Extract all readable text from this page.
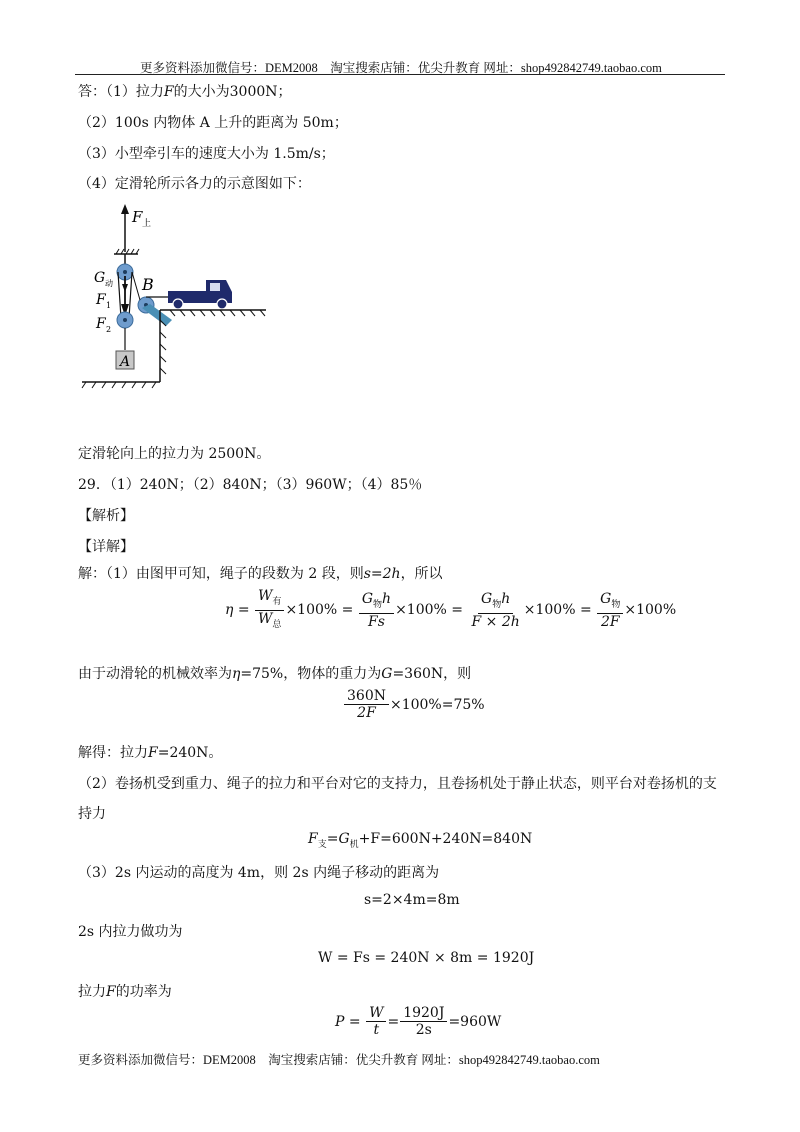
更多资料添加微信号：DEM2008　淘宝搜索店铺：优尖升教育 网址：shop492842749.taobao.com
答：（1）拉力F的大小为3000N；
（2）100s 内物体 A 上升的距离为 50m；
（3）小型牵引车的速度大小为 1.5m/s；
（4）定滑轮所示各力的示意图如下：
F 上
A
G 动
F 1
F 2
B
定滑轮向上的拉力为 2500N。
29．（1）240N；（2）840N；（3）960W；（4）85％
【解析】
【详解】
解：（1）由图甲可知，绳子的段数为 2 段，则s=2h，所以
$\eta = \frac{W_有}{W_总} \times 100\% = \frac{G_物h}{Fs} \times 100\% = \frac{G_物h}{F \times 2h} \times 100\% = \frac{G_物}{2F} \times 100\%$
由于动滑轮的机械效率为η=75%，物体的重力为G=360N，则
$\frac{360N}{2F} \times 100\%=75\%$
解得：拉力F=240N。
（2）卷扬机受到重力、绳子的拉力和平台对它的支持力，且卷扬机处于静止状态，则平台对卷扬机的支
持力
$F_支=G_机+F=600N+240N=840N$
（3）2s 内运动的高度为 4m，则 2s 内绳子移动的距离为
s=2×4m=8m
2s 内拉力做功为
W = Fs = 240N × 8m = 1920J
拉力F的功率为
P =
$\frac{W}{t} = \frac{1920J}{2s} =960W$
更多资料添加微信号：DEM2008　淘宝搜索店铺：优尖升教育 网址：shop492842749.taobao.com
